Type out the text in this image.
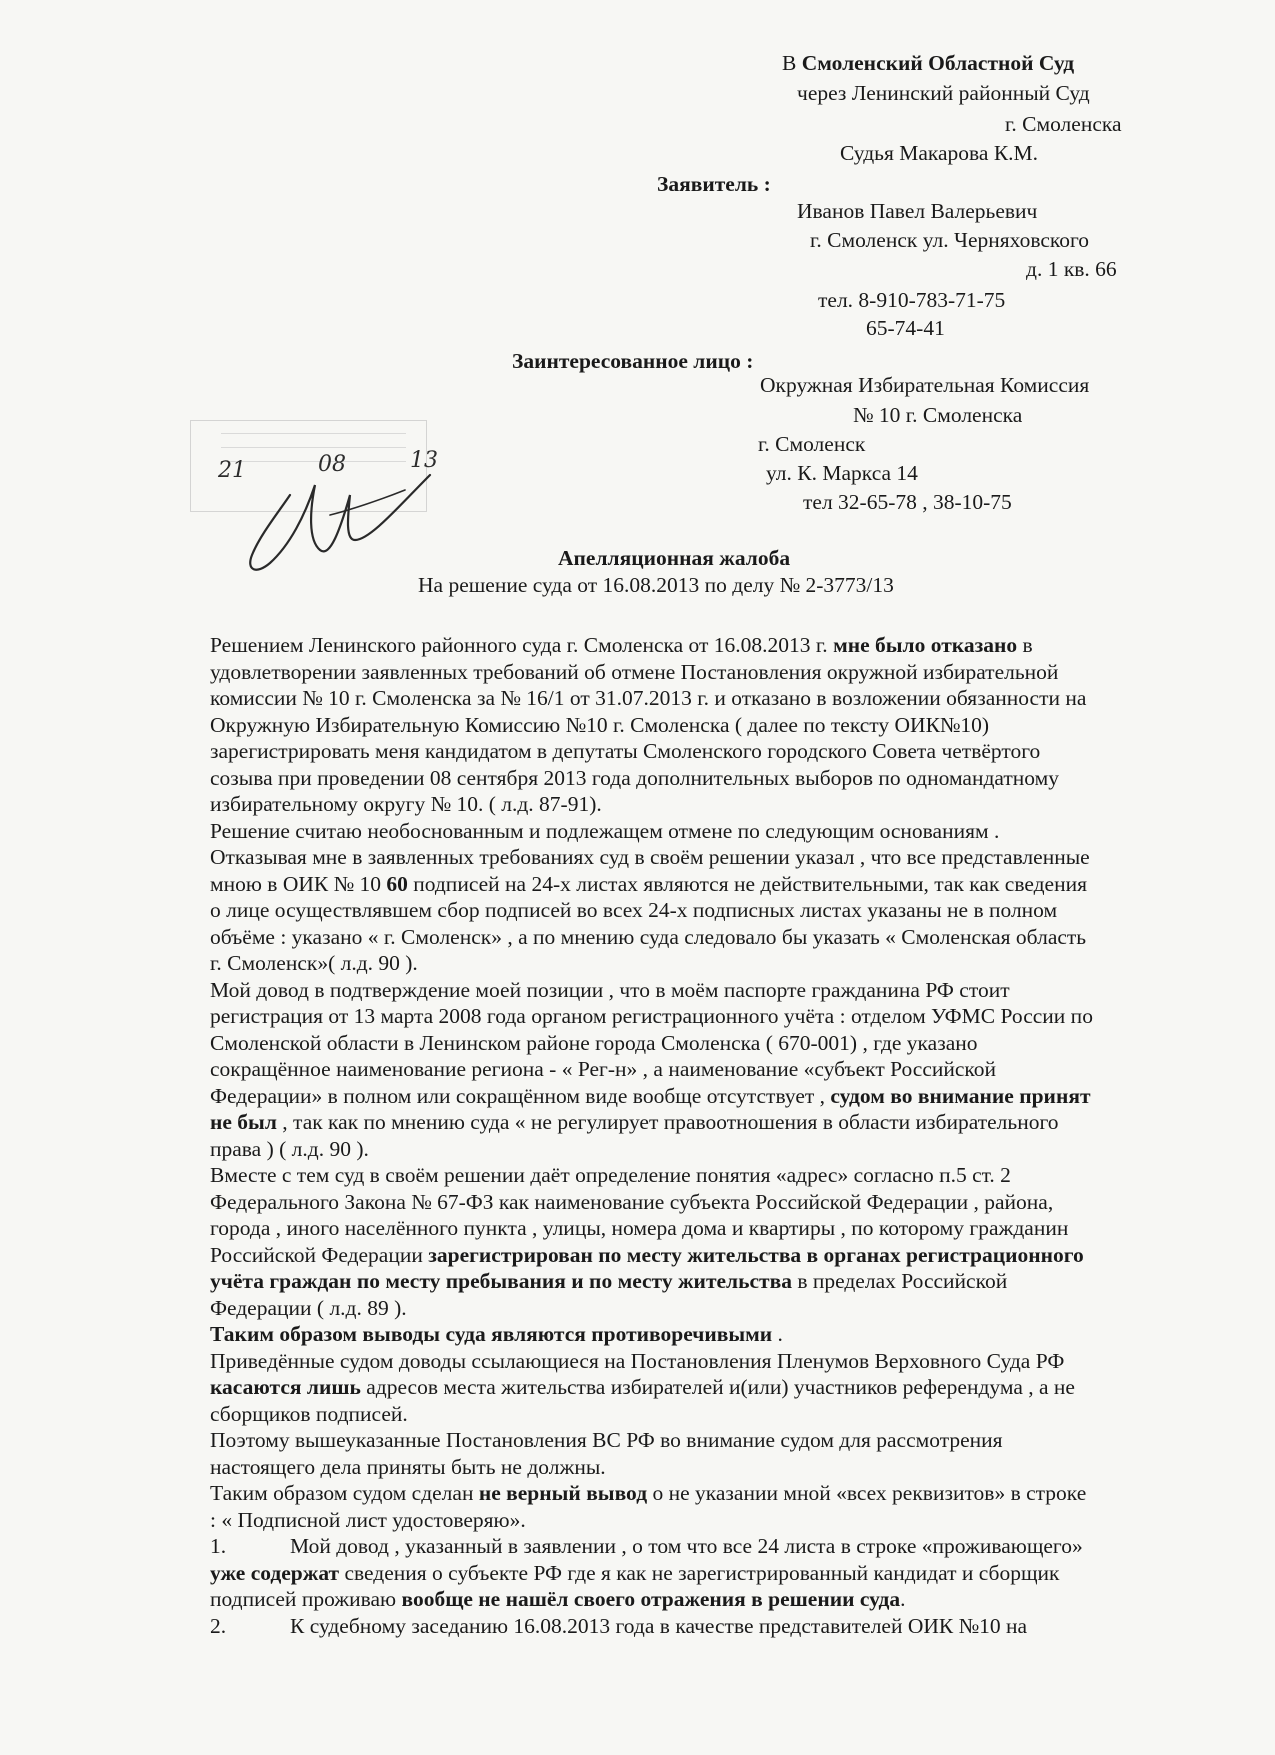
В Смоленский Областной Суд
через Ленинский районный Суд
г. Смоленска
Судья Макарова К.М.
Заявитель :
Иванов Павел Валерьевич
г. Смоленск ул. Черняховского
д. 1 кв. 66
тел. 8-910-783-71-75
65-74-41
Заинтересованное лицо :
Окружная Избирательная Комиссия
№ 10 г. Смоленска
г. Смоленск
ул. К. Маркса 14
тел 32-65-78 , 38-10-75
21	08	13
Апелляционная жалоба
На решение суда от 16.08.2013 по делу № 2-3773/13

Решением Ленинского районного суда г. Смоленска от 16.08.2013 г. мне было отказано в

удовлетворении заявленных требований об отмене Постановления окружной избирательной

комиссии № 10 г. Смоленска за № 16/1 от 31.07.2013 г. и отказано в возложении обязанности на

Окружную Избирательную Комиссию №10 г. Смоленска ( далее по тексту ОИК№10)

зарегистрировать меня кандидатом в депутаты Смоленского городского Совета четвёртого

созыва при проведении 08 сентября 2013 года дополнительных выборов по одномандатному

избирательному округу № 10. ( л.д. 87-91).

Решение считаю необоснованным и подлежащем отмене по следующим основаниям .

Отказывая мне в заявленных требованиях суд в своём решении указал , что все представленные

мною в ОИК № 10 60 подписей на 24-х листах являются не действительными, так как сведения

о лице осуществлявшем сбор подписей во всех 24-х подписных листах указаны не в полном

объёме : указано « г. Смоленск» , а по мнению суда следовало бы указать « Смоленская область

г. Смоленск»( л.д. 90 ).

Мой довод в подтверждение моей позиции , что в моём паспорте гражданина РФ стоит

регистрация от 13 марта 2008 года органом регистрационного учёта : отделом УФМС России по

Смоленской области в Ленинском районе города Смоленска ( 670-001) , где указано

сокращённое наименование региона - « Рег-н» , а наименование «субъект Российской

Федерации» в полном или сокращённом виде вообще отсутствует , судом во внимание принят

не был , так как по мнению суда « не регулирует правоотношения в области избирательного

права ) ( л.д. 90 ).

Вместе с тем суд в своём решении даёт определение понятия «адрес» согласно п.5 ст. 2

Федерального Закона № 67-ФЗ как наименование субъекта Российской Федерации , района,

города , иного населённого пункта , улицы, номера дома и квартиры , по которому гражданин

Российской Федерации зарегистрирован по месту жительства в органах регистрационного

учёта граждан по месту пребывания и по месту жительства в пределах Российской

Федерации ( л.д. 89 ).

Таким образом выводы суда являются противоречивыми .

Приведённые судом доводы ссылающиеся на Постановления Пленумов Верховного Суда РФ

касаются лишь адресов места жительства избирателей и(или) участников референдума , а не

сборщиков подписей.

Поэтому вышеуказанные Постановления ВС РФ во внимание судом для рассмотрения

настоящего дела приняты быть не должны.

Таким образом судом сделан не верный вывод о не указании мной «всех реквизитов» в строке

: « Подписной лист удостоверяю».

1.	Мой довод , указанный в заявлении , о том что все 24 листа в строке «проживающего»

уже содержат сведения о субъекте РФ где я как не зарегистрированный кандидат и сборщик

подписей проживаю вообще не нашёл своего отражения в решении суда.

2.	К судебному заседанию 16.08.2013 года в качестве представителей ОИК №10 на
